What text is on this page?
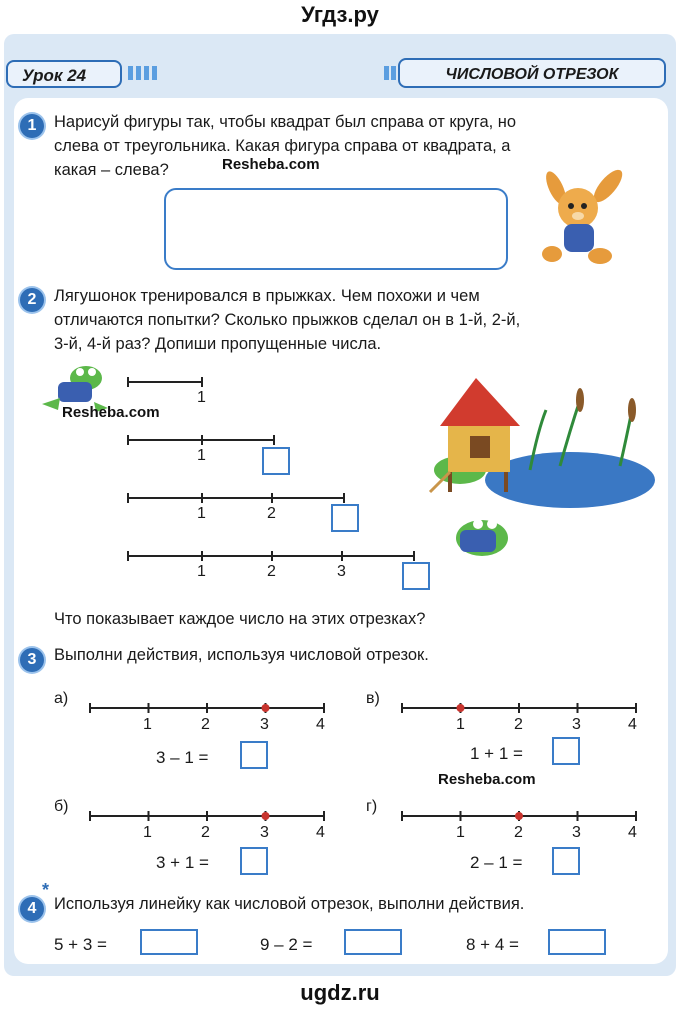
Угдз.ру
Урок 24	ЧИСЛОВОЙ ОТРЕЗОК
1	Нарисуй фигуры так, чтобы квадрат был справа от круга, но
слева от треугольника. Какая фигура справа от квадрата, а
какая – слева?	Resheba.com
2	Лягушонок тренировался в прыжках. Чем похожи и чем
отличаются попытки? Сколько прыжков сделал он в 1-й, 2-й,
3-й, 4-й раз? Допиши пропущенные числа.
Resheba.com
1
1
1	2
1	2	3
Что показывает каждое число на этих отрезках?
3	Выполни действия, используя числовой отрезок.
а)	в)
б)	г)
1	2	3	4	1	2	3	4
1	2	3	4	1	2	3	4
3 – 1 =	1 + 1 =
Resheba.com
3 + 1 =	2 – 1 =
4
*
Используя линейку как числовой отрезок, выполни действия.
5 + 3 =	9 – 2 =	8 + 4 =
ugdz.ru
